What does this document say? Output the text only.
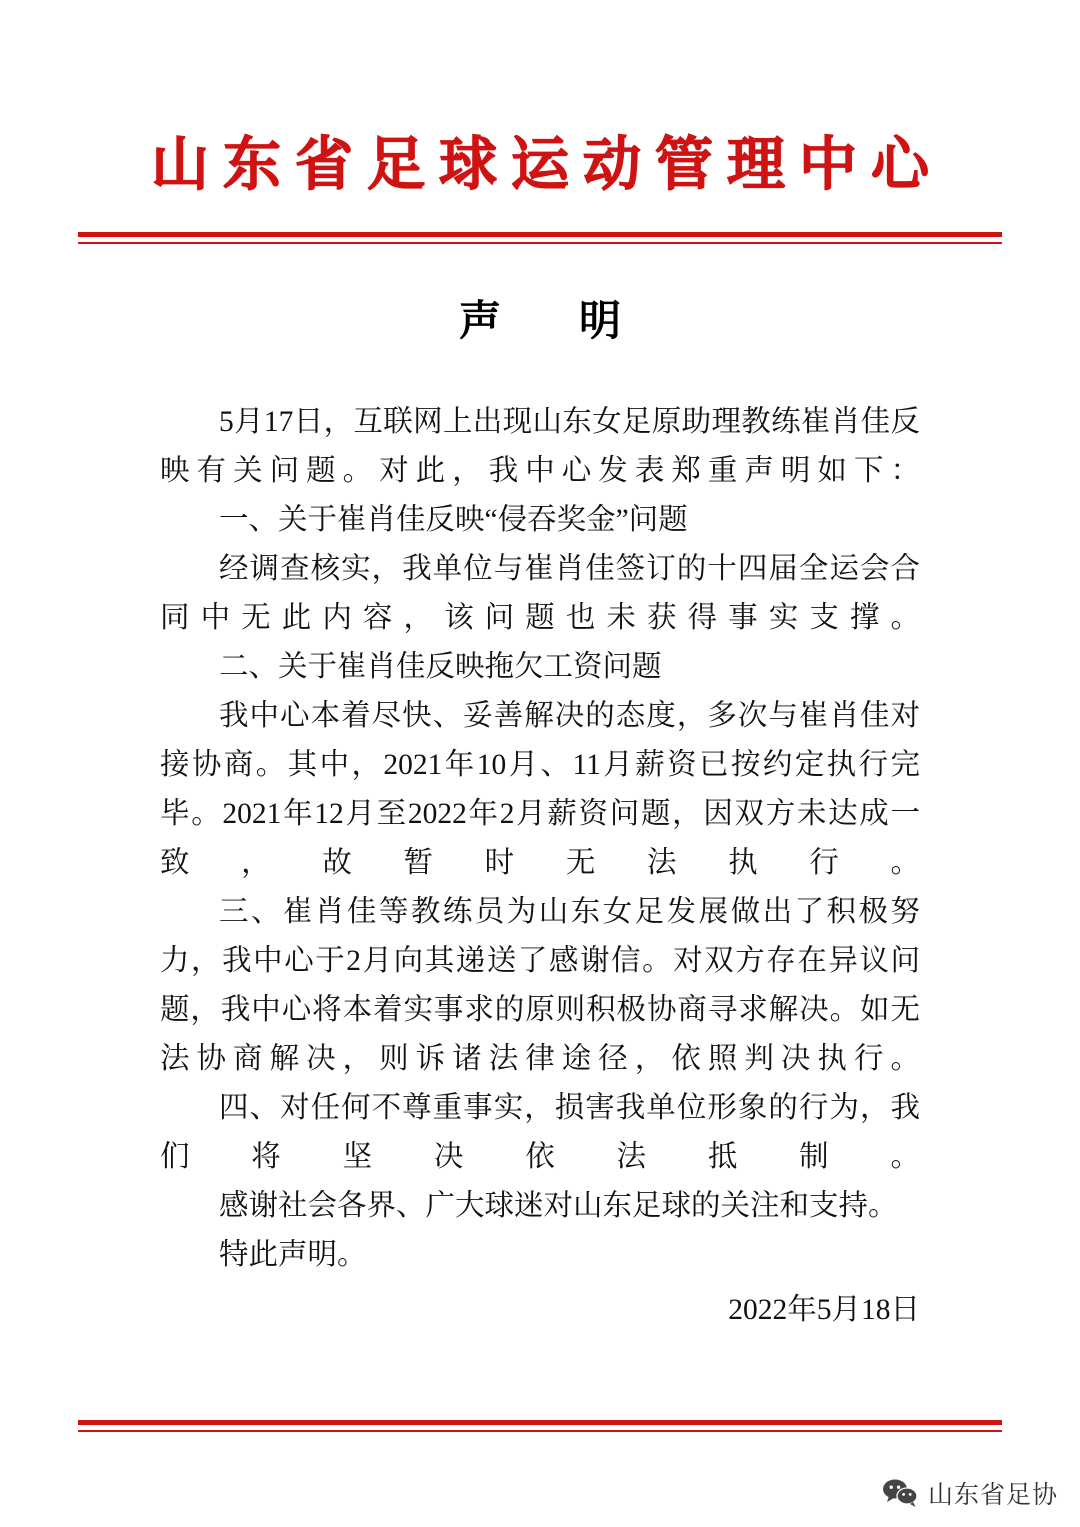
山东省足球运动管理中心
声　明

5月17日，互联网上出现山东女足原助理教练崔肖佳反映有关问题。对此，我中心发表郑重声明如下：

一、关于崔肖佳反映“侵吞奖金”问题

经调查核实，我单位与崔肖佳签订的十四届全运会合同中无此内容，该问题也未获得事实支撑。

二、关于崔肖佳反映拖欠工资问题

我中心本着尽快、妥善解决的态度，多次与崔肖佳对接协商。其中，2021年10月、11月薪资已按约定执行完毕。2021年12月至2022年2月薪资问题，因双方未达成一致，故暂时无法执行。

三、崔肖佳等教练员为山东女足发展做出了积极努力，我中心于2月向其递送了感谢信。对双方存在异议问题，我中心将本着实事求的原则积极协商寻求解决。如无法协商解决，则诉诸法律途径，依照判决执行。

四、对任何不尊重事实，损害我单位形象的行为，我们将坚决依法抵制。

感谢社会各界、广大球迷对山东足球的关注和支持。

特此声明。

2022年5月18日

山东省足协
